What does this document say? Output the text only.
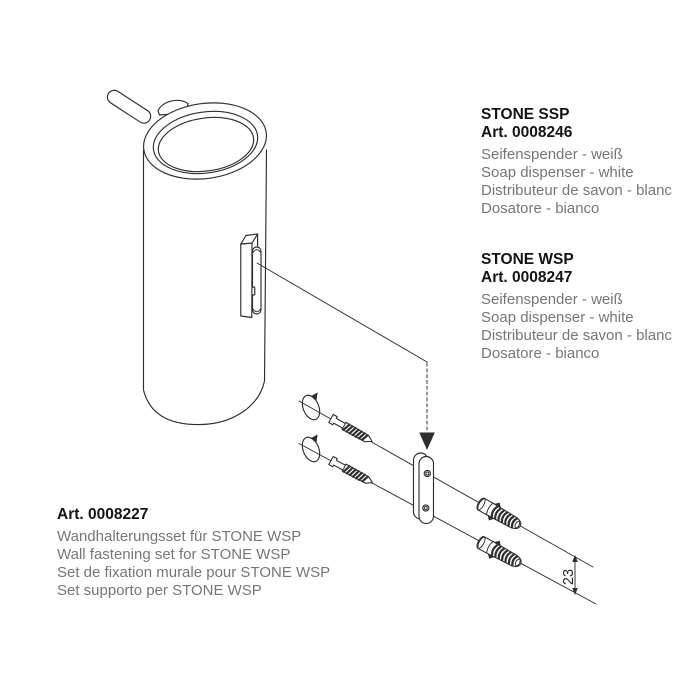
23
STONE SSP
Art. 0008246
Seifenspender - weiß
Soap dispenser - white
Distributeur de savon - blanc
Dosatore - bianco
STONE WSP
Art. 0008247
Seifenspender - weiß
Soap dispenser - white
Distributeur de savon - blanc
Dosatore - bianco
Art. 0008227
Wandhalterungsset für STONE WSP
Wall fastening set for STONE WSP
Set de fixation murale pour STONE WSP
Set supporto per STONE WSP
